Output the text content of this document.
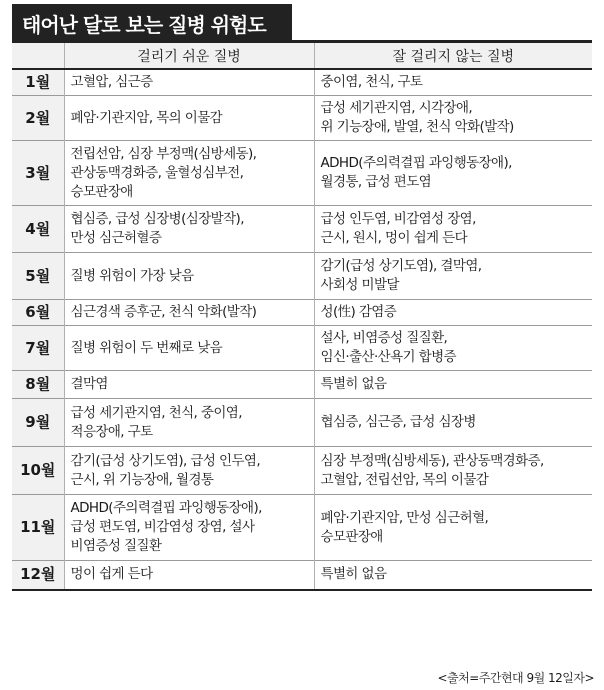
태어난 달로 보는 질병 위험도
	걸리기 쉬운 질병	잘 걸리지 않는 질병
1월	고혈압, 심근증	중이염, 천식, 구토
2월	폐암·기관지암, 목의 이물감	급성 세기관지염, 시각장애,
위 기능장애, 발열, 천식 악화(발작)
3월	전립선암, 심장 부정맥(심방세동),
관상동맥경화증, 울혈성심부전,
승모판장애	ADHD(주의력결핍 과잉행동장애),
월경통, 급성 편도염
4월	협심증, 급성 심장병(심장발작),
만성 심근허혈증	급성 인두염, 비감염성 장염,
근시, 원시, 멍이 쉽게 든다
5월	질병 위험이 가장 낮음	감기(급성 상기도염), 결막염,
사회성 미발달
6월	심근경색 증후군, 천식 악화(발작)	성(性) 감염증
7월	질병 위험이 두 번째로 낮음	설사, 비염증성 질질환,
임신·출산·산욕기 합병증
8월	결막염	특별히 없음
9월	급성 세기관지염, 천식, 중이염,
적응장애, 구토	협심증, 심근증, 급성 심장병
10월	감기(급성 상기도염), 급성 인두염,
근시, 위 기능장애, 월경통	심장 부정맥(심방세동), 관상동맥경화증,
고혈압, 전립선암, 목의 이물감
11월	ADHD(주의력결핍 과잉행동장애),
급성 편도염, 비감염성 장염, 설사
비염증성 질질환	폐암·기관지암, 만성 심근허혈,
승모판장애
12월	멍이 쉽게 든다	특별히 없음
<출처=주간현대 9월 12일자>
